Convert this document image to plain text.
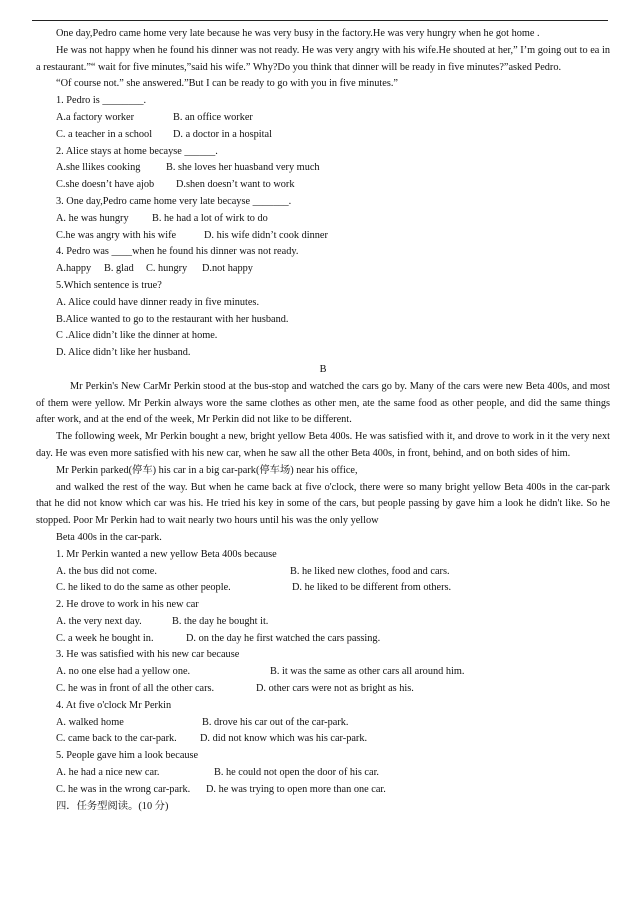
One day,Pedro came home very late because he was very busy in the factory.He was very hungry when he got home .

He was not happy when he found his dinner was not ready. He was very angry with his wife.He shouted at her,” I’m going out to ea in a restaurant.”“ wait for five minutes,”said his wife.” Why?Do you think that dinner will be ready in five minutes?”asked Pedro.

“Of course not.” she answered.”But I can be ready to go with you in five minutes.”

1. Pedro is ________.

A.a factory worker	B. an office worker

C. a teacher in a school D. a doctor in a hospital

2. Alice stays at home becayse ______.

A.she llikes cooking B. she loves her huasband very much

C.she doesn’t have ajob D.shen doesn’t want to work

3. One day,Pedro came home very late becayse _______.

A. he was hungry B. he had a lot of wirk to do

C.he was angry with his wife	D. his wife didn’t cook dinner

4. Pedro was ____when he found his dinner was not ready.

A.happy B. glad C. hungry D.not happy

5.Which sentence is true?

A. Alice could have dinner ready in five minutes.

B.Alice wanted to go to the restaurant with her husband.

C .Alice didn’t like the dinner at home.

D. Alice didn’t like her husband.

B

Mr Perkin's New CarMr Perkin stood at the bus-stop and watched the cars go by. Many of the cars were new Beta 400s, and most of them were yellow. Mr Perkin always wore the same clothes as other men, ate the same food as other people, and did the same things after work, and at the end of the week, Mr Perkin did not like to be different.

The following week, Mr Perkin bought a new, bright yellow Beta 400s. He was satisfied with it, and drove to work in it the very next day. He was even more satisfied with his new car, when he saw all the other Beta 400s, in front, behind, and on both sides of him.

Mr Perkin parked(停车) his car in a big car-park(停车场) near his office,

and walked the rest of the way. But when he came back at five o'clock, there were so many bright yellow Beta 400s in the car-park that he did not know which car was his. He tried his key in some of the cars, but people passing by gave him a look he didn't like. So he stopped. Poor Mr Perkin had to wait nearly two hours until his was the only yellow

Beta 400s in the car-park.

1. Mr Perkin wanted a new yellow Beta 400s because

A. the bus did not come.	B. he liked new clothes, food and cars.

C. he liked to do the same as other people.	D. he liked to be different from others.

2. He drove to work in his new car

A. the very next day.	B. the day he bought it.

C. a week he bought in.	D. on the day he first watched the cars passing.

3. He was satisfied with his new car because

A. no one else had a yellow one.	B. it was the same as other cars all around him.

C. he was in front of all the other cars.	D. other cars were not as bright as his.

4. At five o'clock Mr Perkin

A. walked home	B. drove his car out of the car-park.

C. came back to the car-park. D. did not know which was his car-park.

5. People gave him a look because

A. he had a nice new car.	B. he could not open the door of his car.

C. he was in the wrong car-park. D. he was trying to open more than one car.

四．任务型阅读。(10 分)
